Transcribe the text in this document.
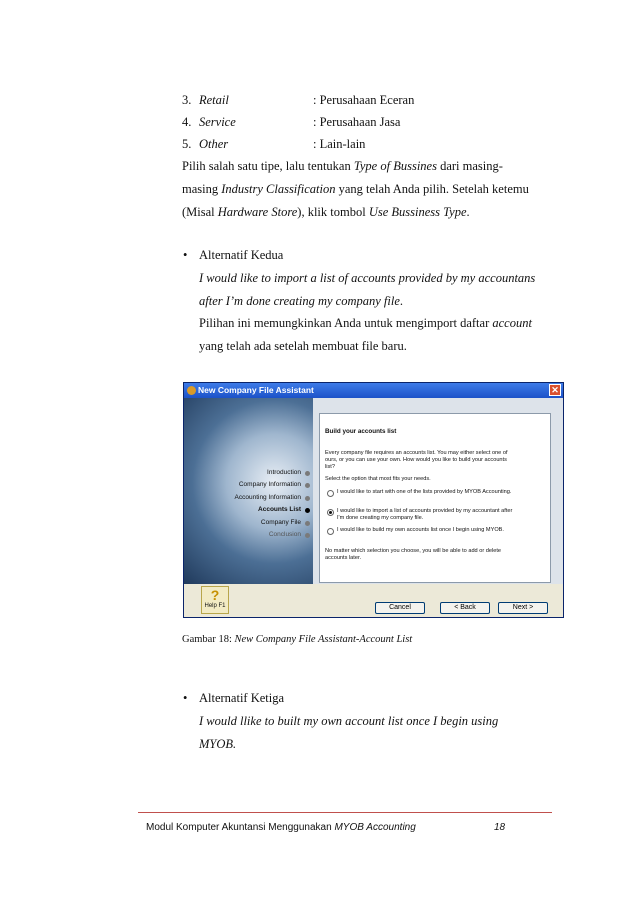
3. Retail	: Perusahaan Eceran
4. Service	: Perusahaan Jasa
5. Other	: Lain-lain
Pilih salah satu tipe, lalu tentukan Type of Bussines dari masing-
masing Industry Classification yang telah Anda pilih. Setelah ketemu
(Misal Hardware Store), klik tombol Use Bussiness Type.
• Alternatif Kedua
I would like to import a list of accounts provided by my accountans
after I’m done creating my company file.
Pilihan ini memungkinkan Anda untuk mengimport daftar account
yang telah ada setelah membuat file baru.
New Company File Assistant	✕
Introduction
Company Information
Accounting Information
Accounts List
Company File
Conclusion
Build your accounts list
Every company file requires an accounts list. You may either select one of
ours, or you can use your own. How would you like to build your accounts
list?
Select the option that most fits your needs.
I would like to start with one of the lists provided by MYOB Accounting.
I would like to import a list of accounts provided by my accountant after
I'm done creating my company file.
I would like to build my own accounts list once I begin using MYOB.
No matter which selection you choose, you will be able to add or delete
accounts later.
?
Help F1	Cancel	< Back	Next >
Gambar 18: New Company File Assistant-Account List
• Alternatif Ketiga
I would llike to built my own account list once I begin using
MYOB.
Modul Komputer Akuntansi Menggunakan MYOB Accounting	18
